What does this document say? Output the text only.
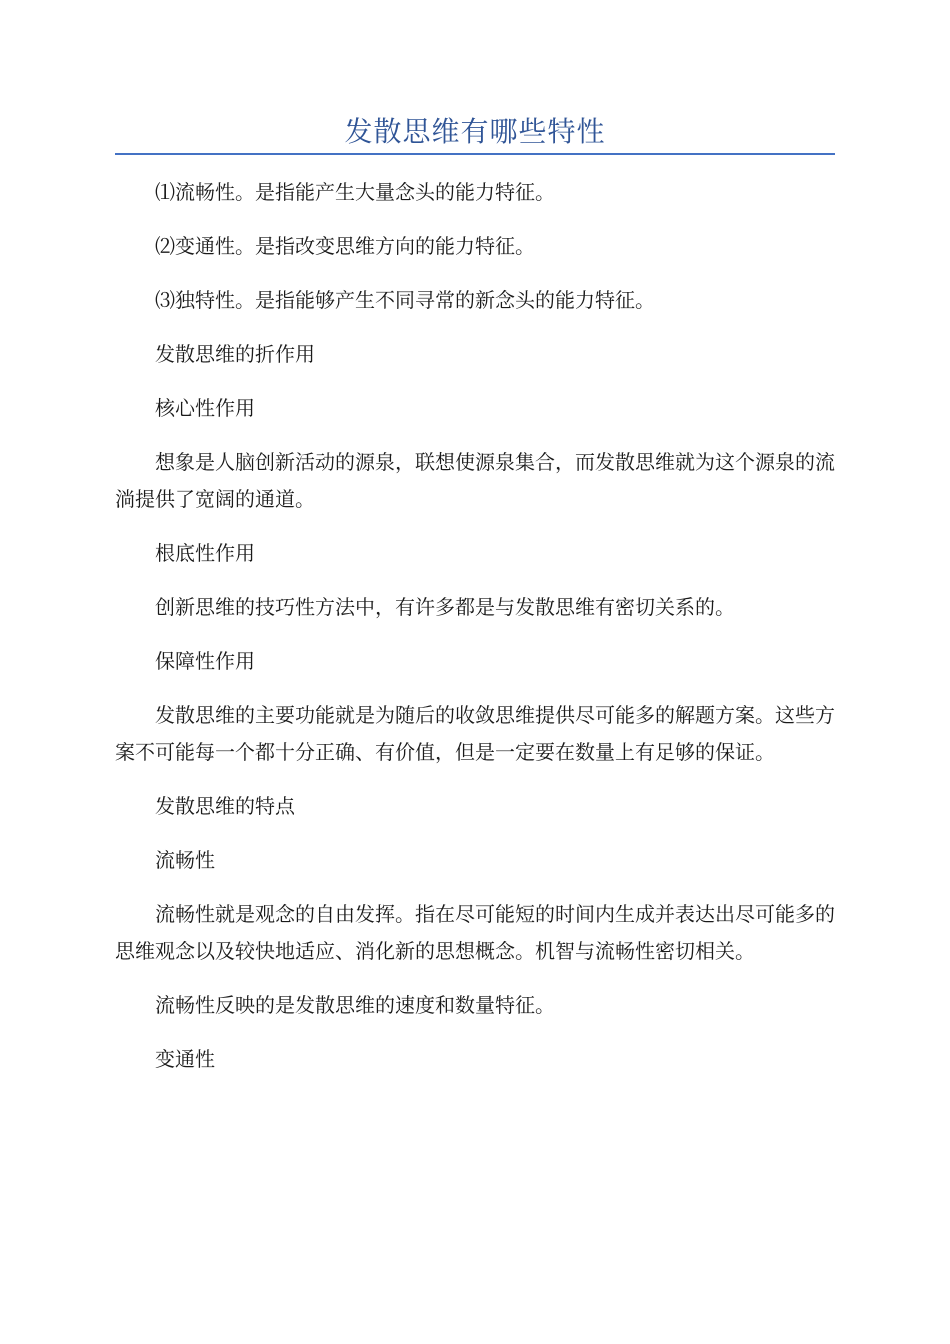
发散思维有哪些特性

⑴流畅性。是指能产生大量念头的能力特征。

⑵变通性。是指改变思维方向的能力特征。

⑶独特性。是指能够产生不同寻常的新念头的能力特征。

发散思维的折作用

核心性作用

想象是人脑创新活动的源泉，联想使源泉集合，而发散思维就为这个源泉的流淌提供了宽阔的通道。

根底性作用

创新思维的技巧性方法中，有许多都是与发散思维有密切关系的。

保障性作用

发散思维的主要功能就是为随后的收敛思维提供尽可能多的解题方案。这些方案不可能每一个都十分正确、有价值，但是一定要在数量上有足够的保证。

发散思维的特点

流畅性

流畅性就是观念的自由发挥。指在尽可能短的时间内生成并表达出尽可能多的思维观念以及较快地适应、消化新的思想概念。机智与流畅性密切相关。

流畅性反映的是发散思维的速度和数量特征。

变通性
